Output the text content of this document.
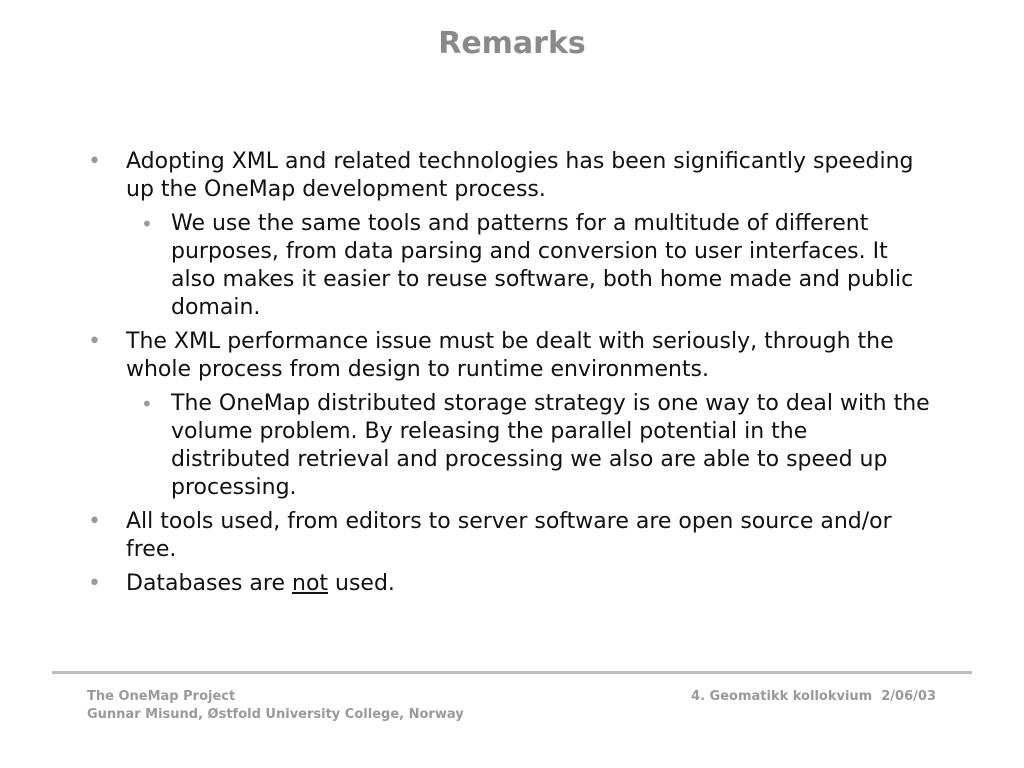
Remarks
• Adopting XML and related technologies has been significantly speeding up the OneMap development process.
• We use the same tools and patterns for a multitude of different purposes, from data parsing and conversion to user interfaces. It also makes it easier to reuse software, both home made and public domain.
• The XML performance issue must be dealt with seriously, through the whole process from design to runtime environments.
• The OneMap distributed storage strategy is one way to deal with the volume problem. By releasing the parallel potential in the distributed retrieval and processing we also are able to speed up processing.
• All tools used, from editors to server software are open source and/or free.
• Databases are not used.
The OneMap Project
Gunnar Misund, Østfold University College, Norway
4. Geomatikk kollokvium  2/06/03
